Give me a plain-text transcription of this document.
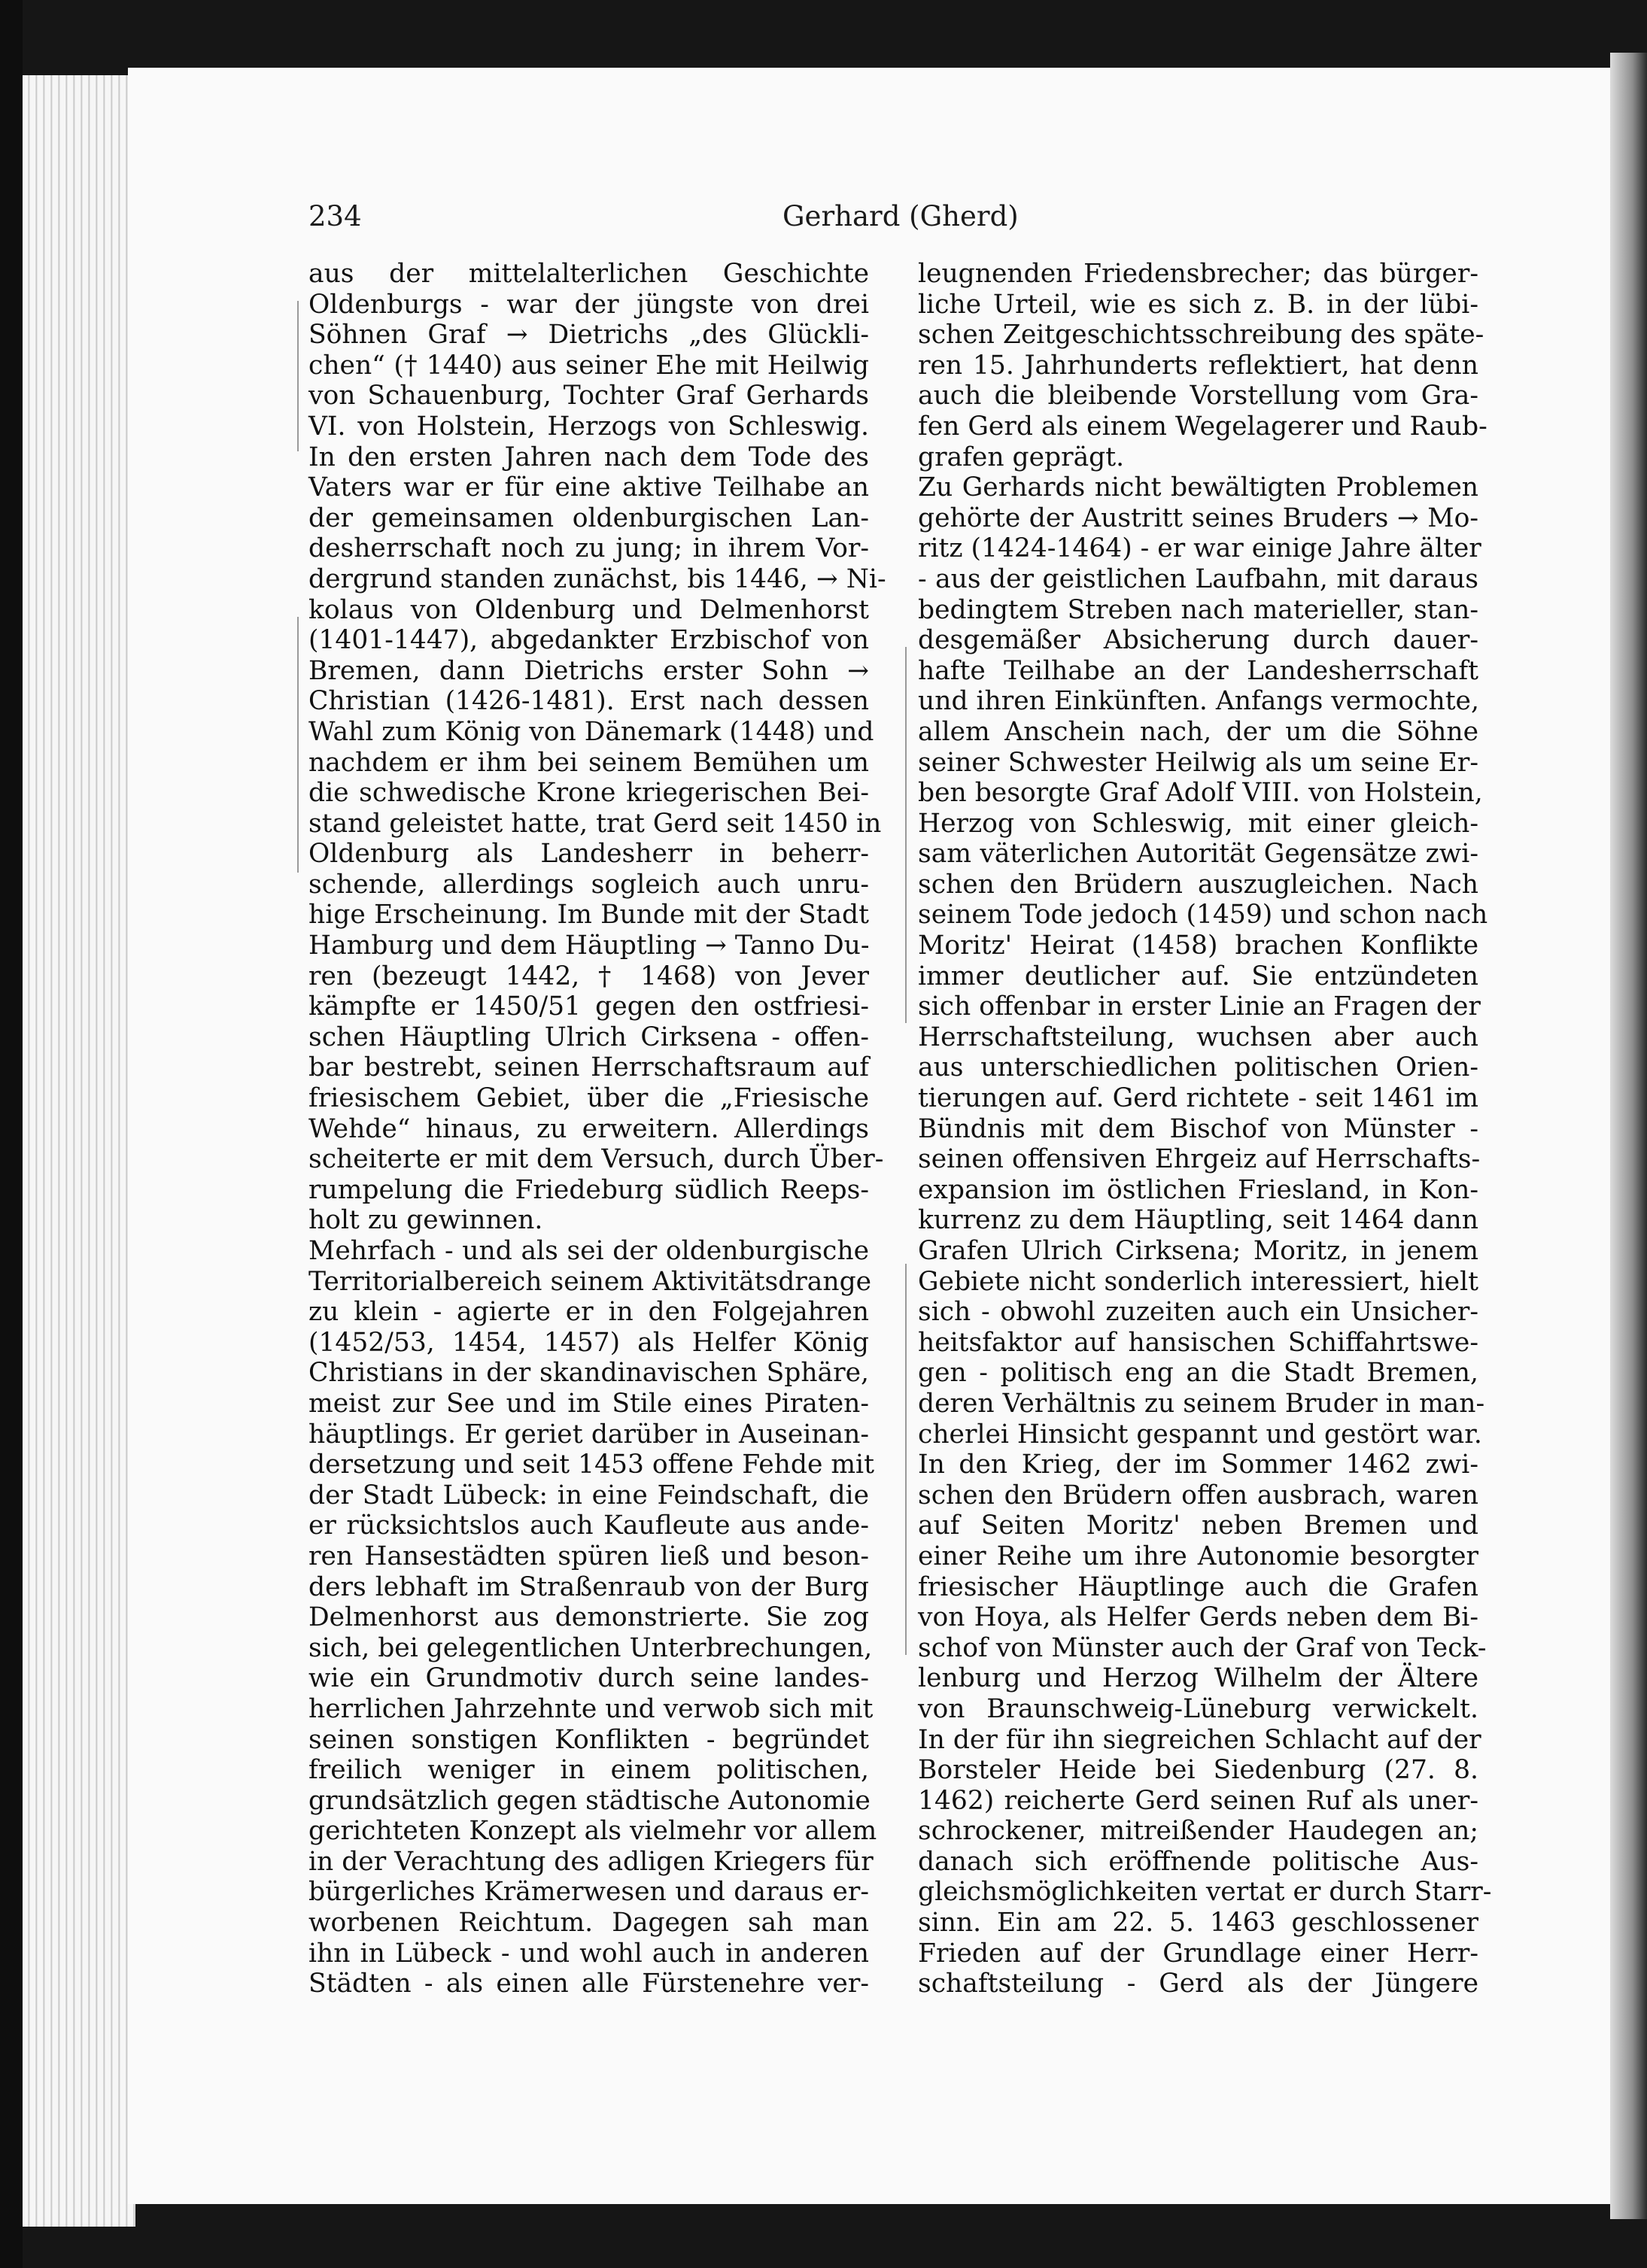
234	Gerhard (Gherd)
aus der mittelalterlichen Geschichte
Oldenburgs - war der jüngste von drei
Söhnen Graf → Dietrichs „des Glückli-
chen“ († 1440) aus seiner Ehe mit Heilwig
von Schauenburg, Tochter Graf Gerhards
VI. von Holstein, Herzogs von Schleswig.
In den ersten Jahren nach dem Tode des
Vaters war er für eine aktive Teilhabe an
der gemeinsamen oldenburgischen Lan-
desherrschaft noch zu jung; in ihrem Vor-
dergrund standen zunächst, bis 1446, → Ni-
kolaus von Oldenburg und Delmenhorst
(1401-1447), abgedankter Erzbischof von
Bremen, dann Dietrichs erster Sohn →
Christian (1426-1481). Erst nach dessen
Wahl zum König von Dänemark (1448) und
nachdem er ihm bei seinem Bemühen um
die schwedische Krone kriegerischen Bei-
stand geleistet hatte, trat Gerd seit 1450 in
Oldenburg als Landesherr in beherr-
schende, allerdings sogleich auch unru-
hige Erscheinung. Im Bunde mit der Stadt
Hamburg und dem Häuptling → Tanno Du-
ren (bezeugt 1442, † 1468) von Jever
kämpfte er 1450/51 gegen den ostfriesi-
schen Häuptling Ulrich Cirksena - offen-
bar bestrebt, seinen Herrschaftsraum auf
friesischem Gebiet, über die „Friesische
Wehde“ hinaus, zu erweitern. Allerdings
scheiterte er mit dem Versuch, durch Über-
rumpelung die Friedeburg südlich Reeps-
holt zu gewinnen.
Mehrfach - und als sei der oldenburgische
Territorialbereich seinem Aktivitätsdrange
zu klein - agierte er in den Folgejahren
(1452/53, 1454, 1457) als Helfer König
Christians in der skandinavischen Sphäre,
meist zur See und im Stile eines Piraten-
häuptlings. Er geriet darüber in Auseinan-
dersetzung und seit 1453 offene Fehde mit
der Stadt Lübeck: in eine Feindschaft, die
er rücksichtslos auch Kaufleute aus ande-
ren Hansestädten spüren ließ und beson-
ders lebhaft im Straßenraub von der Burg
Delmenhorst aus demonstrierte. Sie zog
sich, bei gelegentlichen Unterbrechungen,
wie ein Grundmotiv durch seine landes-
herrlichen Jahrzehnte und verwob sich mit
seinen sonstigen Konflikten - begründet
freilich weniger in einem politischen,
grundsätzlich gegen städtische Autonomie
gerichteten Konzept als vielmehr vor allem
in der Verachtung des adligen Kriegers für
bürgerliches Krämerwesen und daraus er-
worbenen Reichtum. Dagegen sah man
ihn in Lübeck - und wohl auch in anderen
Städten - als einen alle Fürstenehre ver-
leugnenden Friedensbrecher; das bürger-
liche Urteil, wie es sich z. B. in der lübi-
schen Zeitgeschichtsschreibung des späte-
ren 15. Jahrhunderts reflektiert, hat denn
auch die bleibende Vorstellung vom Gra-
fen Gerd als einem Wegelagerer und Raub-
grafen geprägt.
Zu Gerhards nicht bewältigten Problemen
gehörte der Austritt seines Bruders → Mo-
ritz (1424-1464) - er war einige Jahre älter
- aus der geistlichen Laufbahn, mit daraus
bedingtem Streben nach materieller, stan-
desgemäßer Absicherung durch dauer-
hafte Teilhabe an der Landesherrschaft
und ihren Einkünften. Anfangs vermochte,
allem Anschein nach, der um die Söhne
seiner Schwester Heilwig als um seine Er-
ben besorgte Graf Adolf VIII. von Holstein,
Herzog von Schleswig, mit einer gleich-
sam väterlichen Autorität Gegensätze zwi-
schen den Brüdern auszugleichen. Nach
seinem Tode jedoch (1459) und schon nach
Moritz' Heirat (1458) brachen Konflikte
immer deutlicher auf. Sie entzündeten
sich offenbar in erster Linie an Fragen der
Herrschaftsteilung, wuchsen aber auch
aus unterschiedlichen politischen Orien-
tierungen auf. Gerd richtete - seit 1461 im
Bündnis mit dem Bischof von Münster -
seinen offensiven Ehrgeiz auf Herrschafts-
expansion im östlichen Friesland, in Kon-
kurrenz zu dem Häuptling, seit 1464 dann
Grafen Ulrich Cirksena; Moritz, in jenem
Gebiete nicht sonderlich interessiert, hielt
sich - obwohl zuzeiten auch ein Unsicher-
heitsfaktor auf hansischen Schiffahrtswe-
gen - politisch eng an die Stadt Bremen,
deren Verhältnis zu seinem Bruder in man-
cherlei Hinsicht gespannt und gestört war.
In den Krieg, der im Sommer 1462 zwi-
schen den Brüdern offen ausbrach, waren
auf Seiten Moritz' neben Bremen und
einer Reihe um ihre Autonomie besorgter
friesischer Häuptlinge auch die Grafen
von Hoya, als Helfer Gerds neben dem Bi-
schof von Münster auch der Graf von Teck-
lenburg und Herzog Wilhelm der Ältere
von Braunschweig-Lüneburg verwickelt.
In der für ihn siegreichen Schlacht auf der
Borsteler Heide bei Siedenburg (27. 8.
1462) reicherte Gerd seinen Ruf als uner-
schrockener, mitreißender Haudegen an;
danach sich eröffnende politische Aus-
gleichsmöglichkeiten vertat er durch Starr-
sinn. Ein am 22. 5. 1463 geschlossener
Frieden auf der Grundlage einer Herr-
schaftsteilung - Gerd als der Jüngere
